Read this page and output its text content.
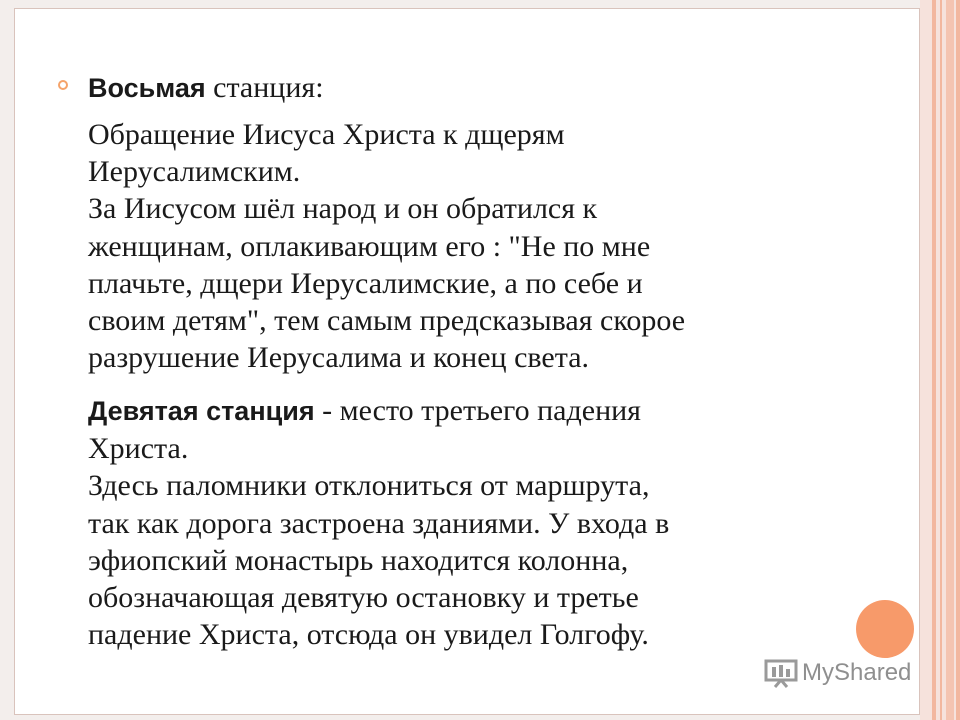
Восьмая станция:
Обращение Иисуса Христа к дщерям
Иерусалимским.
За Иисусом шёл народ и он обратился к
женщинам, оплакивающим его : "Не по мне
плачьте, дщери Иерусалимские, а по себе и
своим детям", тем самым предсказывая скорое
разрушение Иерусалима и конец света.
Девятая станция - место третьего падения
Христа.
Здесь паломники отклониться от маршрута,
так как дорога застроена зданиями. У входа в
эфиопский монастырь находится колонна,
обозначающая девятую остановку и третье
падение Христа, отсюда он увидел Голгофу.
MyShared
